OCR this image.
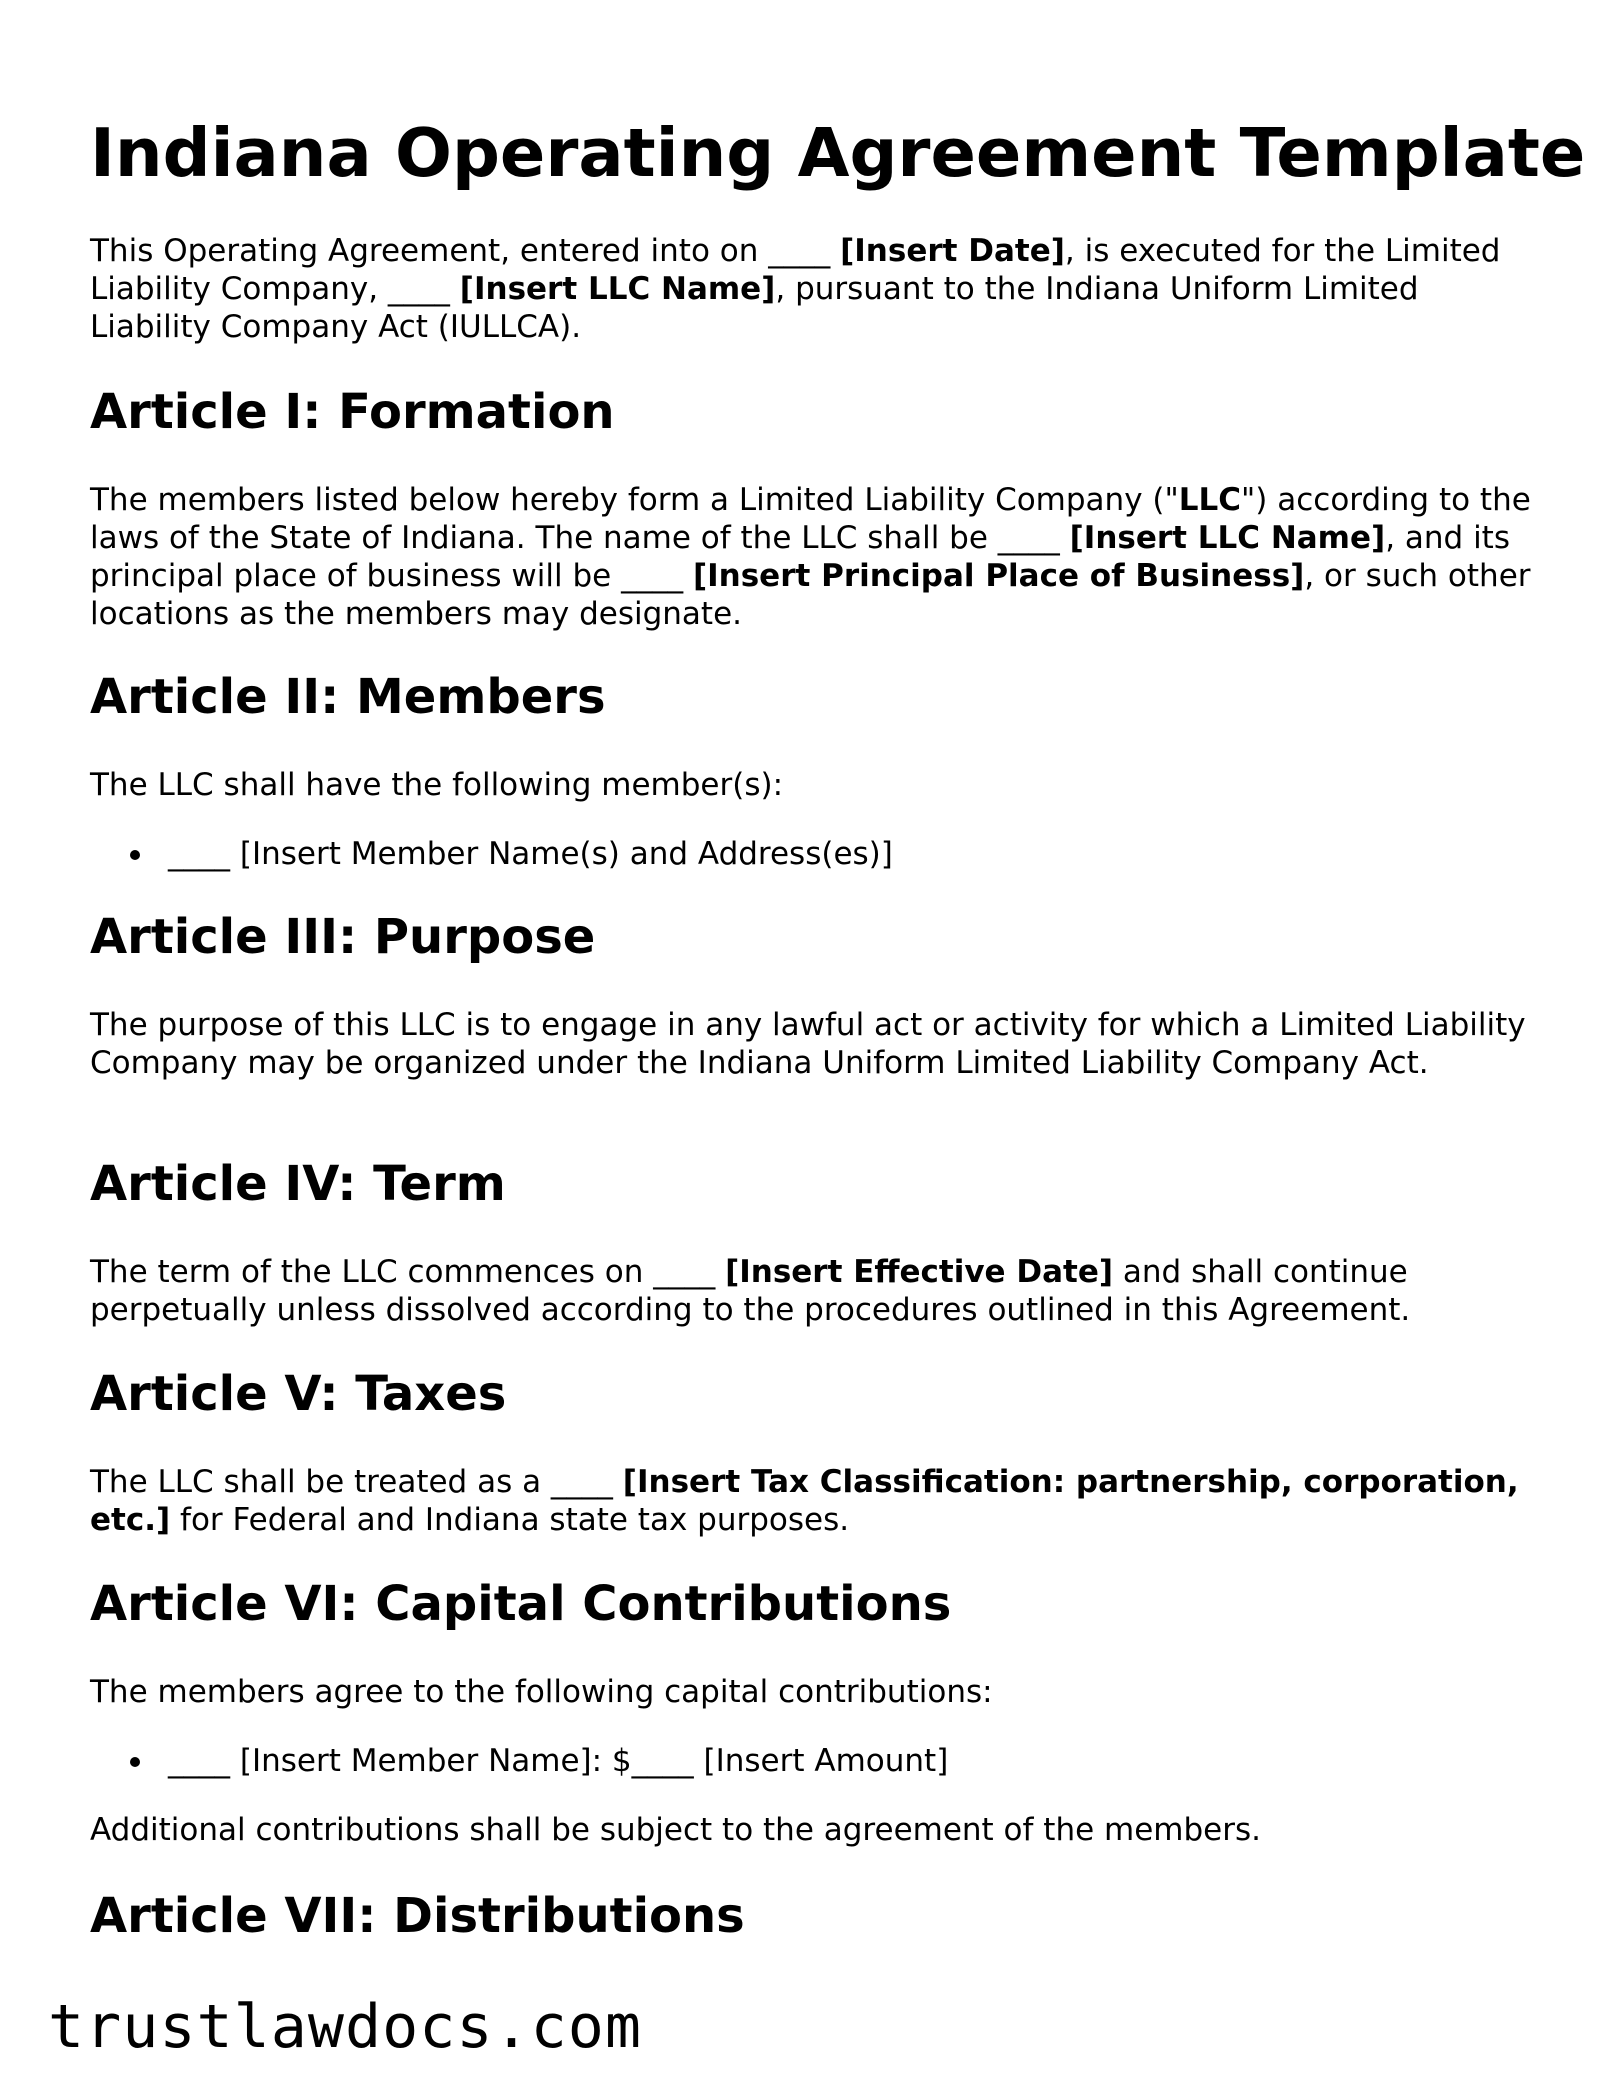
Indiana Operating Agreement Template

This Operating Agreement, entered into on ____ [Insert Date], is executed for the Limited Liability Company, ____ [Insert LLC Name], pursuant to the Indiana Uniform Limited Liability Company Act (IULLCA).

Article I: Formation

The members listed below hereby form a Limited Liability Company ("LLC") according to the laws of the State of Indiana. The name of the LLC shall be ____ [Insert LLC Name], and its principal place of business will be ____ [Insert Principal Place of Business], or such other locations as the members may designate.

Article II: Members

The LLC shall have the following member(s):

____ [Insert Member Name(s) and Address(es)]
Article III: Purpose

The purpose of this LLC is to engage in any lawful act or activity for which a Limited Liability Company may be organized under the Indiana Uniform Limited Liability Company Act.

Article IV: Term

The term of the LLC commences on ____ [Insert Effective Date] and shall continue perpetually unless dissolved according to the procedures outlined in this Agreement.

Article V: Taxes

The LLC shall be treated as a ____ [Insert Tax Classification: partnership, corporation, etc.] for Federal and Indiana state tax purposes.

Article VI: Capital Contributions

The members agree to the following capital contributions:

____ [Insert Member Name]: $____ [Insert Amount]

Additional contributions shall be subject to the agreement of the members.

Article VII: Distributions
trustlawdocs.com
